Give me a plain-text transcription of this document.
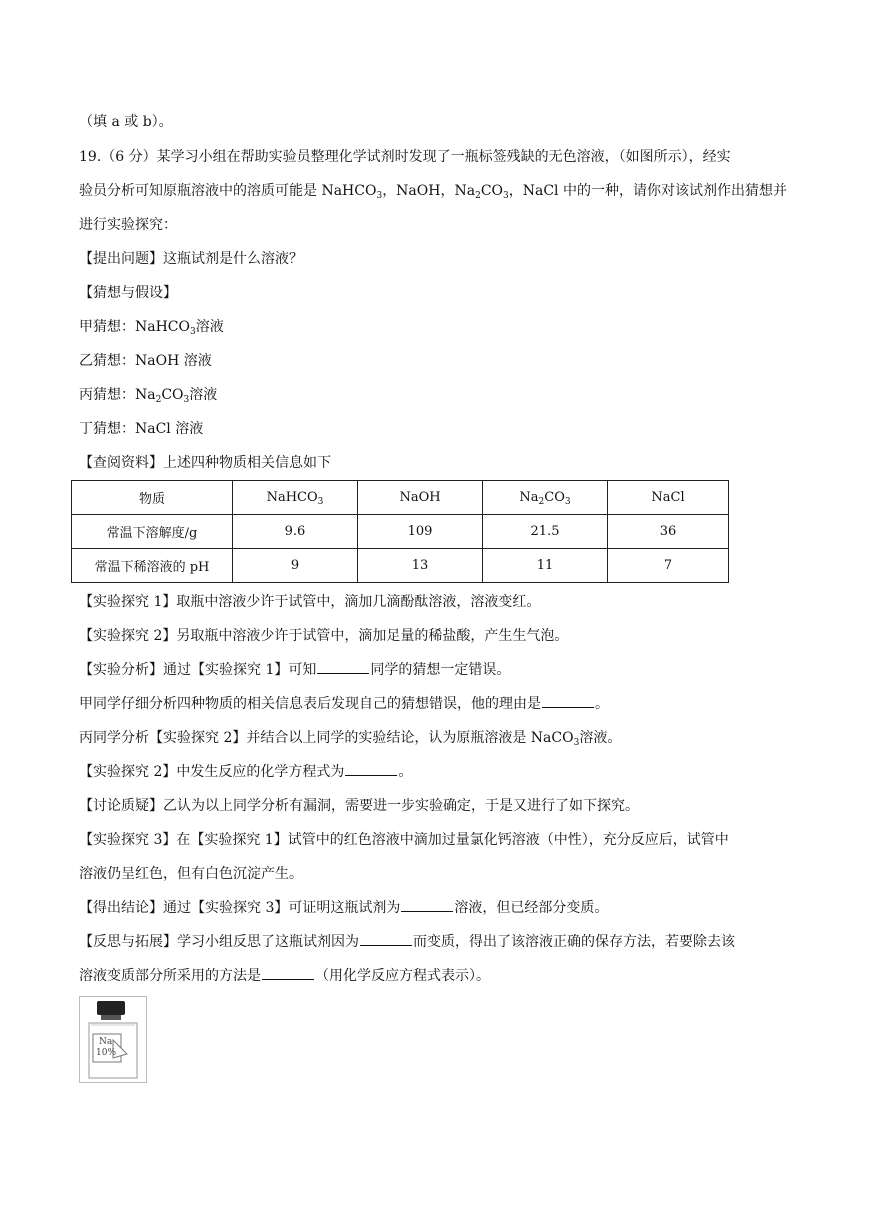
（填 a 或 b）。
19.（6 分）某学习小组在帮助实验员整理化学试剂时发现了一瓶标签残缺的无色溶液，（如图所示），经实
验员分析可知原瓶溶液中的溶质可能是 NaHCO$_3$，NaOH，$Na_2CO_3$，NaCl 中的一种，请你对该试剂作出猜想并
进行实验探究：
【提出问题】这瓶试剂是什么溶液？
【猜想与假设】
甲猜想：NaHCO$_3$溶液
乙猜想：NaOH 溶液
丙猜想：$Na_2CO_3$溶液
丁猜想：NaCl 溶液
【查阅资料】上述四种物质相关信息如下
物质	NaHCO$_3$	NaOH	$Na_2CO_3$	NaCl
常温下溶解度/g	9.6	109	21.5	36
常温下稀溶液的 pH	9	13	11	7
【实验探究 1】取瓶中溶液少许于试管中，滴加几滴酚酞溶液，溶液变红。
【实验探究 2】另取瓶中溶液少许于试管中，滴加足量的稀盐酸，产生生气泡。
【实验分析】通过【实验探究 1】可知	同学的猜想一定错误。
甲同学仔细分析四种物质的相关信息表后发现自己的猜想错误，他的理由是	。
丙同学分析【实验探究 2】并结合以上同学的实验结论，认为原瓶溶液是 NaCO$_3$溶液。
【实验探究 2】中发生反应的化学方程式为	。
【讨论质疑】乙认为以上同学分析有漏洞，需要进一步实验确定，于是又进行了如下探究。
【实验探究 3】在【实验探究 1】试管中的红色溶液中滴加过量氯化钙溶液（中性），充分反应后，试管中
溶液仍呈红色，但有白色沉淀产生。
【得出结论】通过【实验探究 3】可证明这瓶试剂为	溶液，但已经部分变质。
【反思与拓展】学习小组反思了这瓶试剂因为	而变质，得出了该溶液正确的保存方法，若要除去该
溶液变质部分所采用的方法是	（用化学反应方程式表示）。
Na
10%
